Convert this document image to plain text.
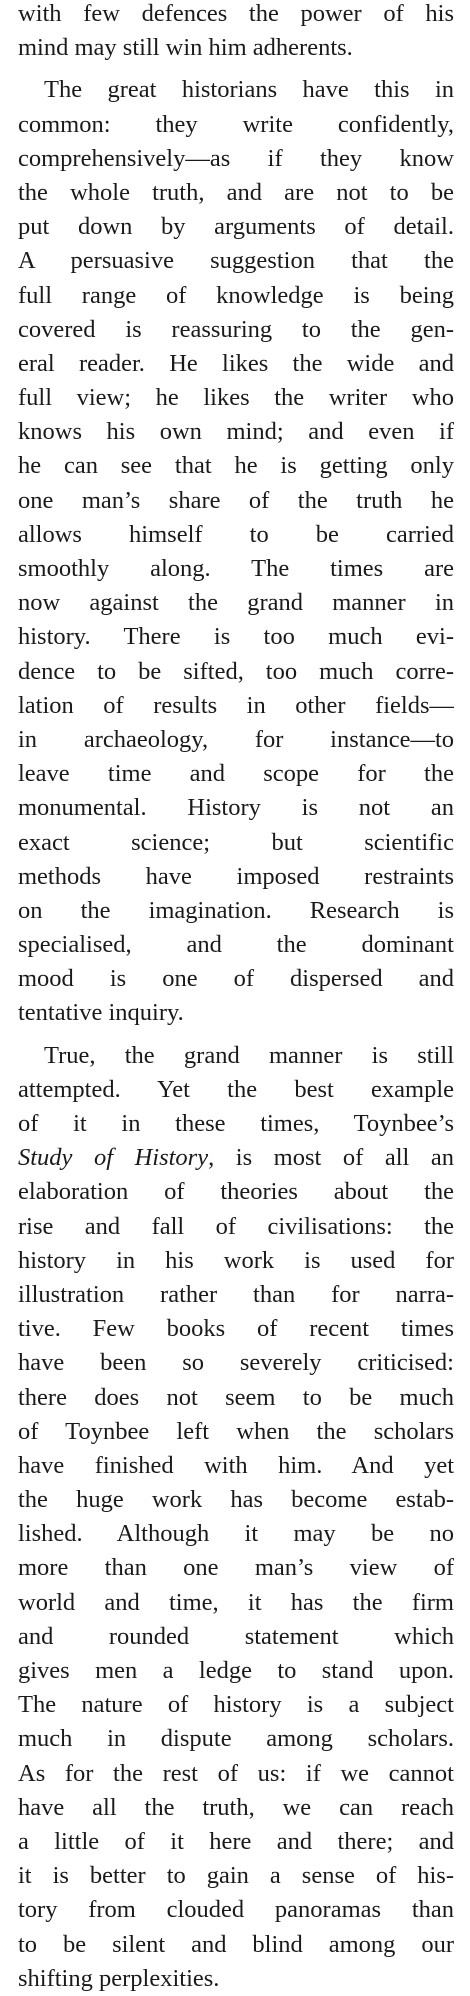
with few defences the power of his
mind may still win him adherents.
The great historians have this in
common: they write confidently,
comprehensively—as if they know
the whole truth, and are not to be
put down by arguments of detail.
A persuasive suggestion that the
full range of knowledge is being
covered is reassuring to the gen-
eral reader. He likes the wide and
full view; he likes the writer who
knows his own mind; and even if
he can see that he is getting only
one man’s share of the truth he
allows himself to be carried
smoothly along. The times are
now against the grand manner in
history. There is too much evi-
dence to be sifted, too much corre-
lation of results in other fields—
in archaeology, for instance—to
leave time and scope for the
monumental. History is not an
exact science; but scientific
methods have imposed restraints
on the imagination. Research is
specialised, and the dominant
mood is one of dispersed and
tentative inquiry.
True, the grand manner is still
attempted. Yet the best example
of it in these times, Toynbee’s
Study of History, is most of all an
elaboration of theories about the
rise and fall of civilisations: the
history in his work is used for
illustration rather than for narra-
tive. Few books of recent times
have been so severely criticised:
there does not seem to be much
of Toynbee left when the scholars
have finished with him. And yet
the huge work has become estab-
lished. Although it may be no
more than one man’s view of
world and time, it has the firm
and rounded statement which
gives men a ledge to stand upon.
The nature of history is a subject
much in dispute among scholars.
As for the rest of us: if we cannot
have all the truth, we can reach
a little of it here and there; and
it is better to gain a sense of his-
tory from clouded panoramas than
to be silent and blind among our
shifting perplexities.
